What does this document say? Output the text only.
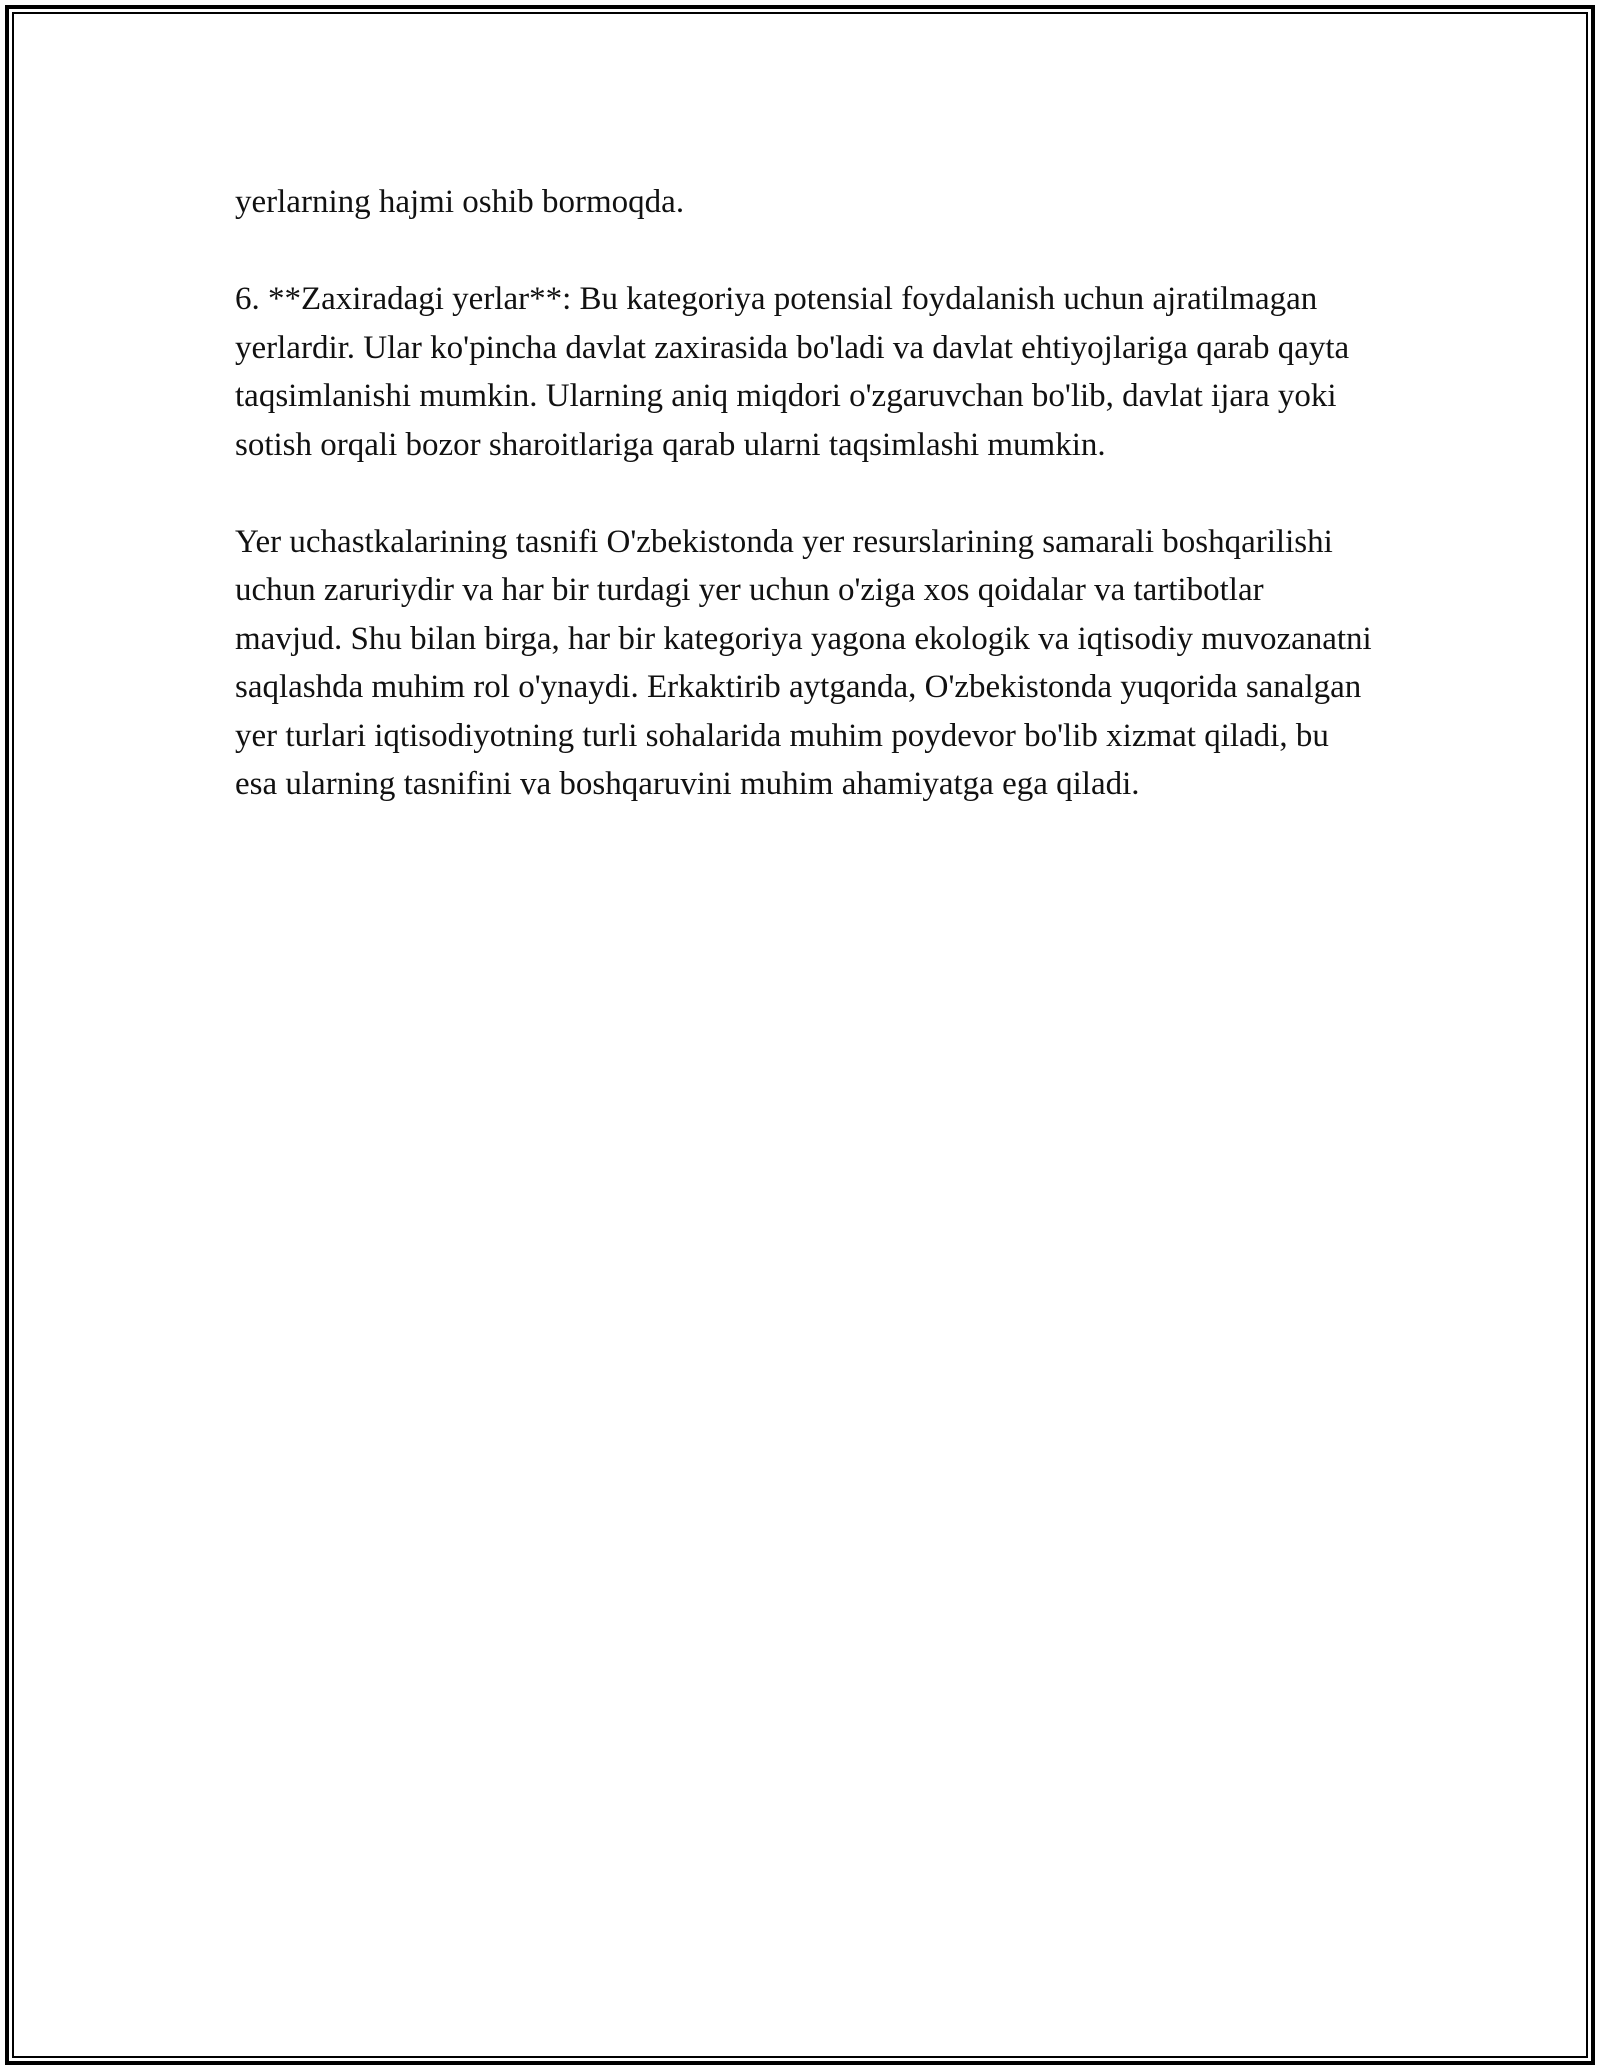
yerlarning hajmi oshib bormoqda.

6. **Zaxiradagi yerlar**: Bu kategoriya potensial foydalanish uchun ajratilmagan yerlardir. Ular ko'pincha davlat zaxirasida bo'ladi va davlat ehtiyojlariga qarab qayta taqsimlanishi mumkin. Ularning aniq miqdori o'zgaruvchan bo'lib, davlat ijara yoki sotish orqali bozor sharoitlariga qarab ularni taqsimlashi mumkin.

Yer uchastkalarining tasnifi O'zbekistonda yer resurslarining samarali boshqarilishi uchun zaruriydir va har bir turdagi yer uchun o'ziga xos qoidalar va tartibotlar mavjud. Shu bilan birga, har bir kategoriya yagona ekologik va iqtisodiy muvozanatni saqlashda muhim rol o'ynaydi. Erkaktirib aytganda, O'zbekistonda yuqorida sanalgan yer turlari iqtisodiyotning turli sohalarida muhim poydevor bo'lib xizmat qiladi, bu esa ularning tasnifini va boshqaruvini muhim ahamiyatga ega qiladi.
